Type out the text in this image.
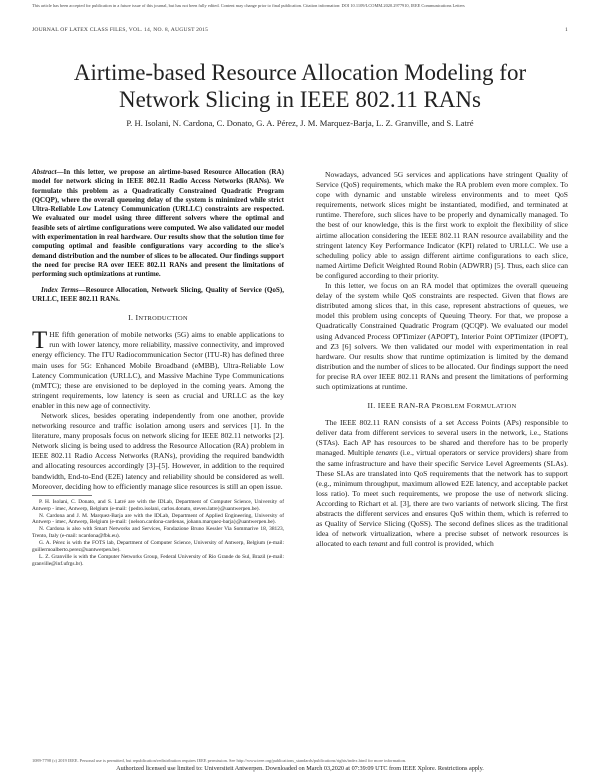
This article has been accepted for publication in a future issue of this journal, but has not been fully edited. Content may change prior to final publication. Citation information: DOI 10.1109/LCOMM.2020.2977910, IEEE Communications Letters
JOURNAL OF LATEX CLASS FILES, VOL. 14, NO. 8, AUGUST 2015	1
Airtime-based Resource Allocation Modeling for Network Slicing in IEEE 802.11 RANs
P. H. Isolani, N. Cardona, C. Donato, G. A. Pérez, J. M. Marquez-Barja, L. Z. Granville, and S. Latré

Abstract—In this letter, we propose an airtime-based Resource Allocation (RA) model for network slicing in IEEE 802.11 Radio Access Networks (RANs). We formulate this problem as a Quadratically Constrained Quadratic Program (QCQP), where the overall queueing delay of the system is minimized while strict Ultra-Reliable Low Latency Communication (URLLC) constraints are respected. We evaluated our model using three different solvers where the optimal and feasible sets of airtime configurations were computed. We also validated our model with experimentation in real hardware. Our results show that the solution time for computing optimal and feasible configurations vary according to the slice's demand distribution and the number of slices to be allocated. Our findings support the need for precise RA over IEEE 802.11 RANs and present the limitations of performing such optimizations at runtime.

Index Terms—Resource Allocation, Network Slicing, Quality of Service (QoS), URLLC, IEEE 802.11 RANs.

I. INTRODUCTION

THE fifth generation of mobile networks (5G) aims to enable applications to run with lower latency, more reliability, massive connectivity, and improved energy efficiency. The ITU Radiocommunication Sector (ITU-R) has defined three main uses for 5G: Enhanced Mobile Broadband (eMBB), Ultra-Reliable Low Latency Communication (URLLC), and Massive Machine Type Communications (mMTC); these are envisioned to be deployed in the coming years. Among the stringent requirements, low latency is seen as crucial and URLLC as the key enabler in this new age of connectivity.

Network slices, besides operating independently from one another, provide networking resource and traffic isolation among users and services [1]. In the literature, many proposals focus on network slicing for IEEE 802.11 networks [2]. Network slicing is being used to address the Resource Allocation (RA) problem in IEEE 802.11 Radio Access Networks (RANs), providing the required bandwidth and allocating resources accordingly [3]–[5]. However, in addition to the required bandwidth, End-to-End (E2E) latency and reliability should be considered as well. Moreover, deciding how to efficiently manage slice resources is still an open issue.

P. H. Isolani, C. Donato, and S. Latré are with the IDLab, Department of Computer Science, University of Antwerp - imec, Antwerp, Belgium (e-mail: {pedro.isolani, carlos.donato, steven.latre}@uantwerpen.be).

N. Cardona and J. M. Marquez-Barja are with the IDLab, Department of Applied Engineering, University of Antwerp - imec, Antwerp, Belgium (e-mail: {nelson.cardona-cardenas, johann.marquez-barja}@uantwerpen.be).

N. Cardona is also with Smart Networks and Services, Fondazione Bruno Kessler Via Sommarive 18, 38123, Trento, Italy (e-mail: ncardona@fbk.eu).

G. A. Pérez is with the FOTS lab, Department of Computer Science, University of Antwerp, Belgium (e-mail: guillermoalberto.perez@uantwerpen.be).

L. Z. Granville is with the Computer Networks Group, Federal University of Rio Grande do Sul, Brazil (e-mail: granville@inf.ufrgs.br).

Nowadays, advanced 5G services and applications have stringent Quality of Service (QoS) requirements, which make the RA problem even more complex. To cope with dynamic and unstable wireless environments and to meet QoS requirements, network slices might be instantiated, modified, and terminated at runtime. Therefore, such slices have to be properly and dynamically managed. To the best of our knowledge, this is the first work to exploit the flexibility of slice airtime allocation considering the IEEE 802.11 RAN resource availability and the stringent latency Key Performance Indicator (KPI) related to URLLC. We use a scheduling policy able to assign different airtime configurations to each slice, named Airtime Deficit Weighted Round Robin (ADWRR) [5]. Thus, each slice can be configured according to their priority.

In this letter, we focus on an RA model that optimizes the overall queueing delay of the system while QoS constraints are respected. Given that flows are distributed among slices that, in this case, represent abstractions of queues, we model this problem using concepts of Queuing Theory. For that, we propose a Quadratically Constrained Quadratic Program (QCQP). We evaluated our model using Advanced Process OPTimizer (APOPT), Interior Point OPTimizer (IPOPT), and Z3 [6] solvers. We then validated our model with experimentation in real hardware. Our results show that runtime optimization is limited by the demand distribution and the number of slices to be allocated. Our findings support the need for precise RA over IEEE 802.11 RANs and present the limitations of performing such optimizations at runtime.

II. IEEE RAN-RA PROBLEM FORMULATION

The IEEE 802.11 RAN consists of a set Access Points (APs) responsible to deliver data from different services to several users in the network, i.e., Stations (STAs). Each AP has resources to be shared and therefore has to be properly managed. Multiple tenants (i.e., virtual operators or service providers) share from the same infrastructure and have their specific Service Level Agreements (SLAs). These SLAs are translated into QoS requirements that the network has to support (e.g., minimum throughput, maximum allowed E2E latency, and acceptable packet loss ratio). To meet such requirements, we propose the use of network slicing. According to Richart et al. [3], there are two variants of network slicing. The first abstracts the different services and ensures QoS within them, which is referred to as Quality of Service Slicing (QoSS). The second defines slices as the traditional idea of network virtualization, where a precise subset of network resources is allocated to each tenant and full control is provided, which

1089-7798 (c) 2019 IEEE. Personal use is permitted, but republication/redistribution requires IEEE permission. See http://www.ieee.org/publications_standards/publications/rights/index.html for more information.
Authorized licensed use limited to: Universiteit Antwerpen. Downloaded on March 03,2020 at 07:39:09 UTC from IEEE Xplore. Restrictions apply.
